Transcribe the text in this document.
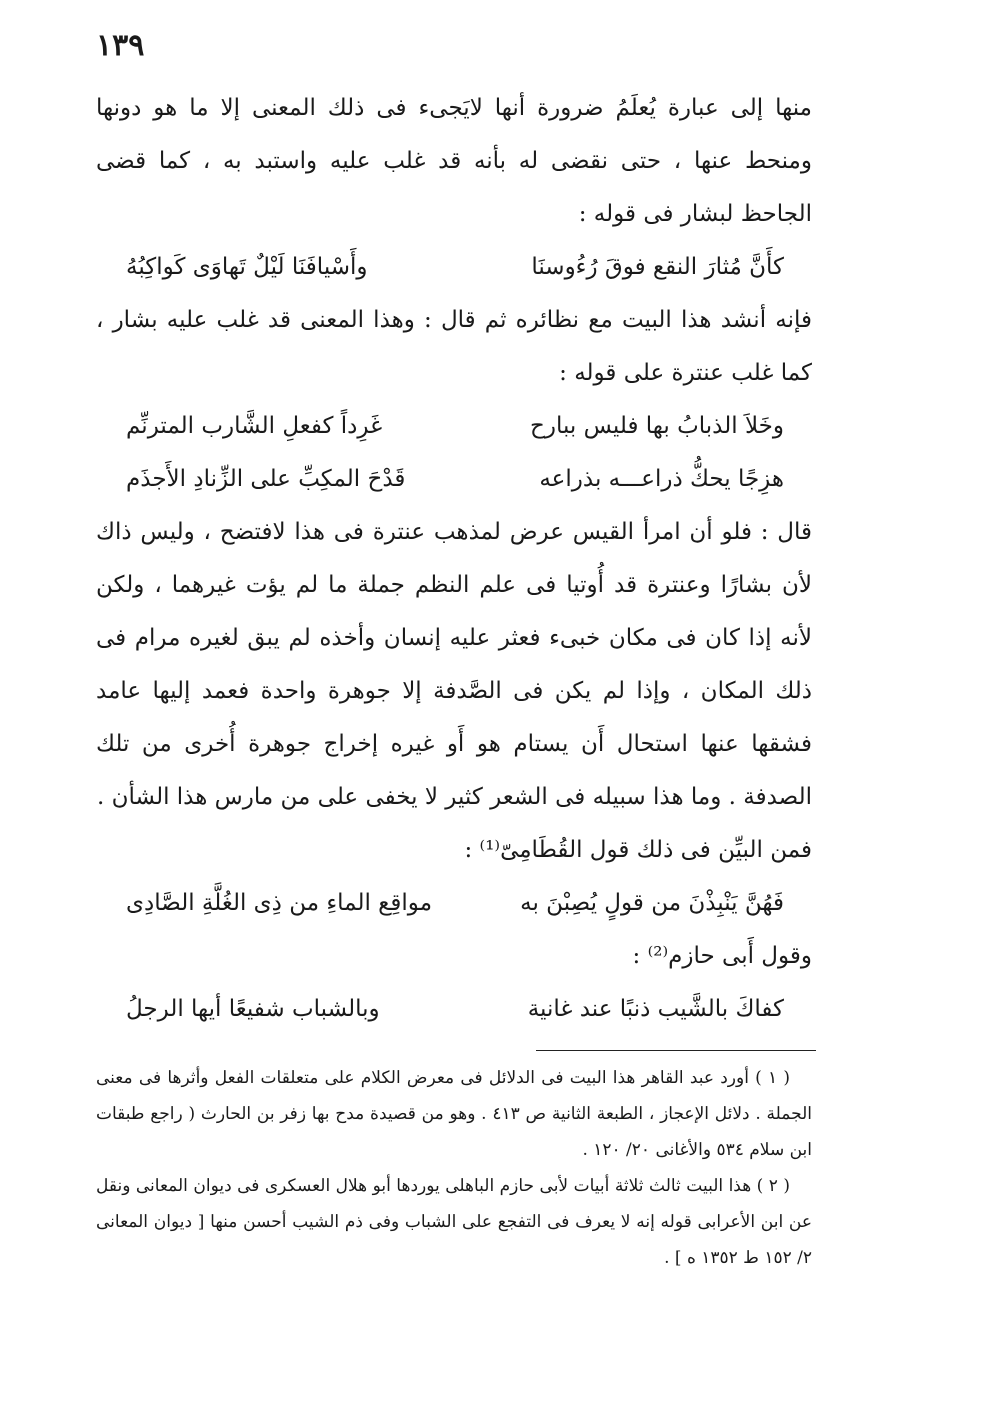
١٣٩

منها إلى عبارة يُعلَمُ ضرورة أنها لايَجىء فى ذلك المعنى إلا ما هو دونها ومنحط عنها ، حتى نقضى له بأنه قد غلب عليه واستبد به ، كما قضى الجاحظ لبشار فى قوله :

كأَنَّ مُثارَ النقع فوقَ رُءُوسنَا
وأَسْيافَنَا لَيْلٌ تَهاوَى كَواكِبُهُ

فإنه أنشد هذا البيت مع نظائره ثم قال : وهذا المعنى قد غلب عليه بشار ، كما غلب عنترة على قوله :

وخَلاَ الذبابُ بها فليس ببارح
غَرِداً كفعلِ الشَّارب المترنِّم
هزِجًا يحكُّ ذراعـــه بذراعه
قَدْحَ المكِبِّ على الزِّنادِ الأَجذَم

قال : فلو أن امرأ القيس عرض لمذهب عنترة فى هذا لافتضح ، وليس ذاك لأن بشارًا وعنترة قد أُوتيا فى علم النظم جملة ما لم يؤت غيرهما ، ولكن لأنه إذا كان فى مكان خبىء فعثر عليه إنسان وأخذه لم يبق لغيره مرام فى ذلك المكان ، وإذا لم يكن فى الصَّدفة إلا جوهرة واحدة فعمد إليها عامد فشقها عنها استحال أَن يستام هو أَو غيره إخراج جوهرة أُخرى من تلك الصدفة . وما هذا سبيله فى الشعر كثير لا يخفى على من مارس هذا الشأن .

فمن البيِّن فى ذلك قول القُطَامِىّ⁽¹⁾ :

فَهُنَّ يَنْبِذْنَ من قولٍ يُصِبْنَ به
مواقِع الماءِ من ذِى الغُلَّةِ الصَّادِى

وقول أَبى حازم⁽²⁾ :

كفاكَ بالشَّيب ذنبًا عند غانية
وبالشباب شفيعًا أيها الرجلُ

( ١ ) أورد عبد القاهر هذا البيت فى الدلائل فى معرض الكلام على متعلقات الفعل وأثرها فى معنى الجملة . دلائل الإعجاز ، الطبعة الثانية ص ٤١٣ . وهو من قصيدة مدح بها زفر بن الحارث ( راجع طبقات ابن سلام ٥٣٤ والأغانى ٢٠/ ١٢٠ .

( ٢ ) هذا البيت ثالث ثلاثة أبيات لأبى حازم الباهلى يوردها أبو هلال العسكرى فى ديوان المعانى ونقل عن ابن الأعرابى قوله إنه لا يعرف فى التفجع على الشباب وفى ذم الشيب أحسن منها [ ديوان المعانى ٢/ ١٥٢ ط ١٣٥٢ ه ] .
